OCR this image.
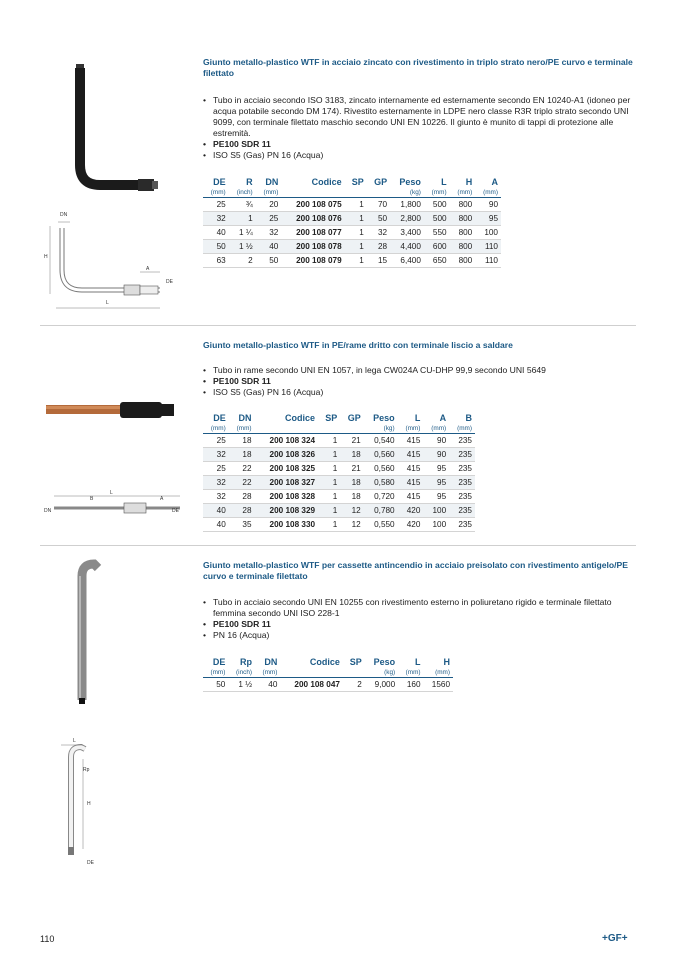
Giunto metallo-plastico WTF in acciaio zincato con rivestimento in triplo strato nero/PE curvo e terminale filettato
• Tubo in acciaio secondo ISO 3183, zincato internamente ed esternamente secondo EN 10240-A1 (idoneo per acqua potabile secondo DM 174). Rivestito esternamente in LDPE nero classe R3R triplo strato secondo UNI 9099, con terminale filettato maschio secondo UNI EN 10226. Il giunto è munito di tappi di protezione alle estremità.
• PE100 SDR 11
• ISO S5 (Gas) PN 16 (Acqua)
DE	R	DN	Codice	SP	GP	Peso	L	H	A
(mm)	(inch)	(mm)				(kg)	(mm)	(mm)	(mm)
25	¾	20	200 108 075	1	70	1,800	500	800	90
32	1	25	200 108 076	1	50	2,800	500	800	95
40	1 ¼	32	200 108 077	1	32	3,400	550	800	100
50	1 ½	40	200 108 078	1	28	4,400	600	800	110
63	2	50	200 108 079	1	15	6,400	650	800	110
DN
H
A
DE
L
Giunto metallo-plastico WTF in PE/rame dritto con terminale liscio a saldare
• Tubo in rame secondo UNI EN 1057, in lega CW024A CU-DHP 99,9 secondo UNI 5649
• PE100 SDR 11
• ISO S5 (Gas) PN 16 (Acqua)
DE	DN	Codice	SP	GP	Peso	L	A	B
(mm)	(mm)				(kg)	(mm)	(mm)	(mm)
25	18	200 108 324	1	21	0,540	415	90	235
32	18	200 108 326	1	18	0,560	415	90	235
25	22	200 108 325	1	21	0,560	415	95	235
32	22	200 108 327	1	18	0,580	415	95	235
32	28	200 108 328	1	18	0,720	415	95	235
40	28	200 108 329	1	12	0,780	420	100	235
40	35	200 108 330	1	12	0,550	420	100	235
L
B	A
DN	DE
Giunto metallo-plastico WTF per cassette antincendio in acciaio preisolato con rivestimento antigelo/PE curvo e terminale filettato
• Tubo in acciaio secondo UNI EN 10255 con rivestimento esterno in poliuretano rigido e terminale filettato femmina secondo UNI ISO 228-1
• PE100 SDR 11
• PN 16 (Acqua)
DE	Rp	DN	Codice	SP	Peso	L	H
(mm)	(inch)	(mm)			(kg)	(mm)	(mm)
50	1 ½	40	200 108 047	2	9,000	160	1560
L
Rp
H
DE
110	+GF+
